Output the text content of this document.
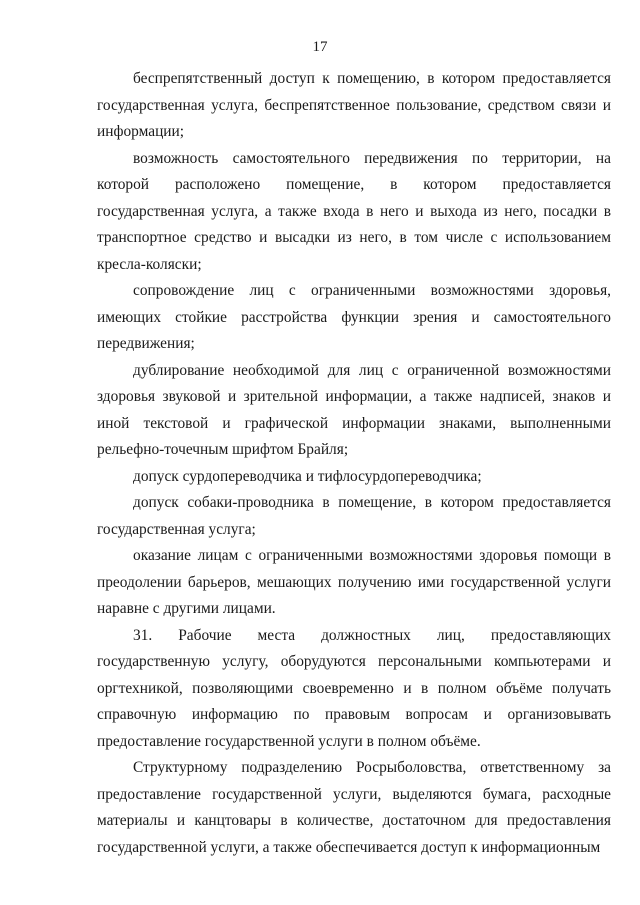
17

беспрепятственный доступ к помещению, в котором предоставляется государственная услуга, беспрепятственное пользование, средством связи и информации;

возможность самостоятельного передвижения по территории, на которой расположено помещение, в котором предоставляется государственная услуга, а также входа в него и выхода из него, посадки в транспортное средство и высадки из него, в том числе с использованием кресла-коляски;

сопровождение лиц с ограниченными возможностями здоровья, имеющих стойкие расстройства функции зрения и самостоятельного передвижения;

дублирование необходимой для лиц с ограниченной возможностями здоровья звуковой и зрительной информации, а также надписей, знаков и иной текстовой и графической информации знаками, выполненными рельефно-точечным шрифтом Брайля;

допуск сурдопереводчика и тифлосурдопереводчика;

допуск собаки-проводника в помещение, в котором предоставляется государственная услуга;

оказание лицам с ограниченными возможностями здоровья помощи в преодолении барьеров, мешающих получению ими государственной услуги наравне с другими лицами.

31. Рабочие места должностных лиц, предоставляющих государственную услугу, оборудуются персональными компьютерами и оргтехникой, позволяющими своевременно и в полном объёме получать справочную информацию по правовым вопросам и организовывать предоставление государственной услуги в полном объёме.

Структурному подразделению Росрыболовства, ответственному за предоставление государственной услуги, выделяются бумага, расходные материалы и канцтовары в количестве, достаточном для предоставления государственной услуги, а также обеспечивается доступ к информационным
